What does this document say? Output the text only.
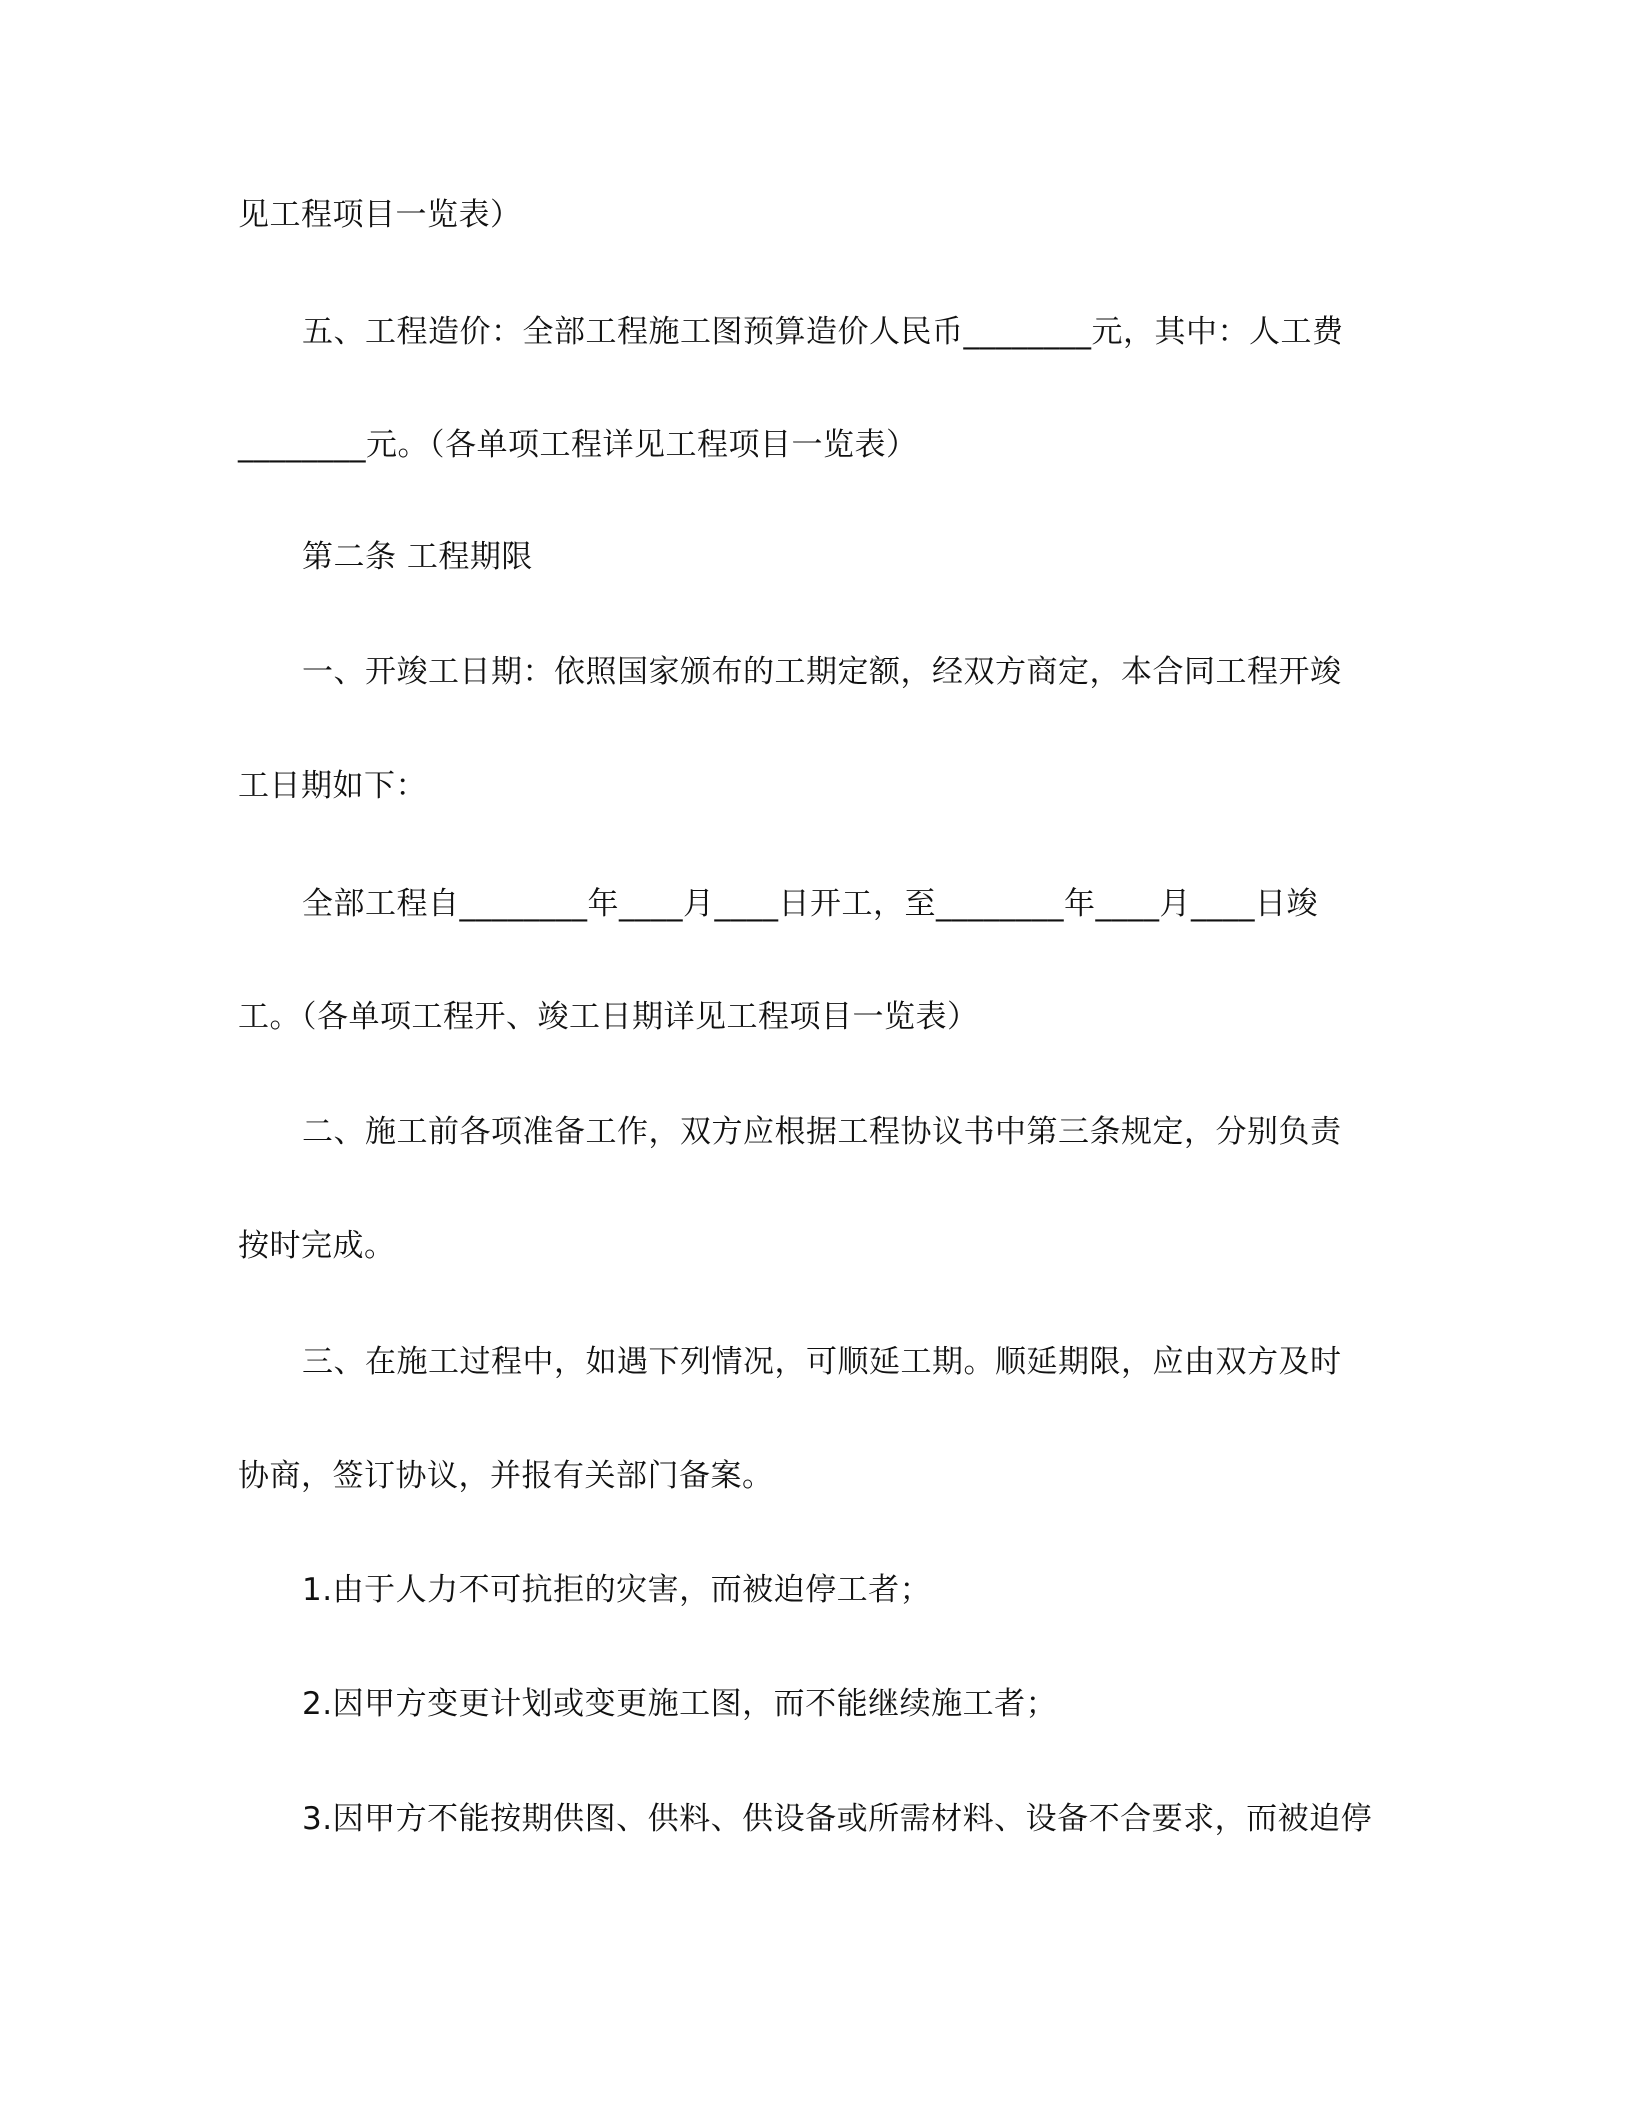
见工程项目一览表）
五、工程造价：全部工程施工图预算造价人民币________元，其中：人工费
________元。（各单项工程详见工程项目一览表）
第二条 工程期限
一、开竣工日期：依照国家颁布的工期定额，经双方商定，本合同工程开竣
工日期如下：
全部工程自________年____月____日开工，至________年____月____日竣
工。（各单项工程开、竣工日期详见工程项目一览表）
二、施工前各项准备工作，双方应根据工程协议书中第三条规定，分别负责
按时完成。
三、在施工过程中，如遇下列情况，可顺延工期。顺延期限，应由双方及时
协商，签订协议，并报有关部门备案。
1.由于人力不可抗拒的灾害，而被迫停工者；
2.因甲方变更计划或变更施工图，而不能继续施工者；
3.因甲方不能按期供图、供料、供设备或所需材料、设备不合要求，而被迫停
